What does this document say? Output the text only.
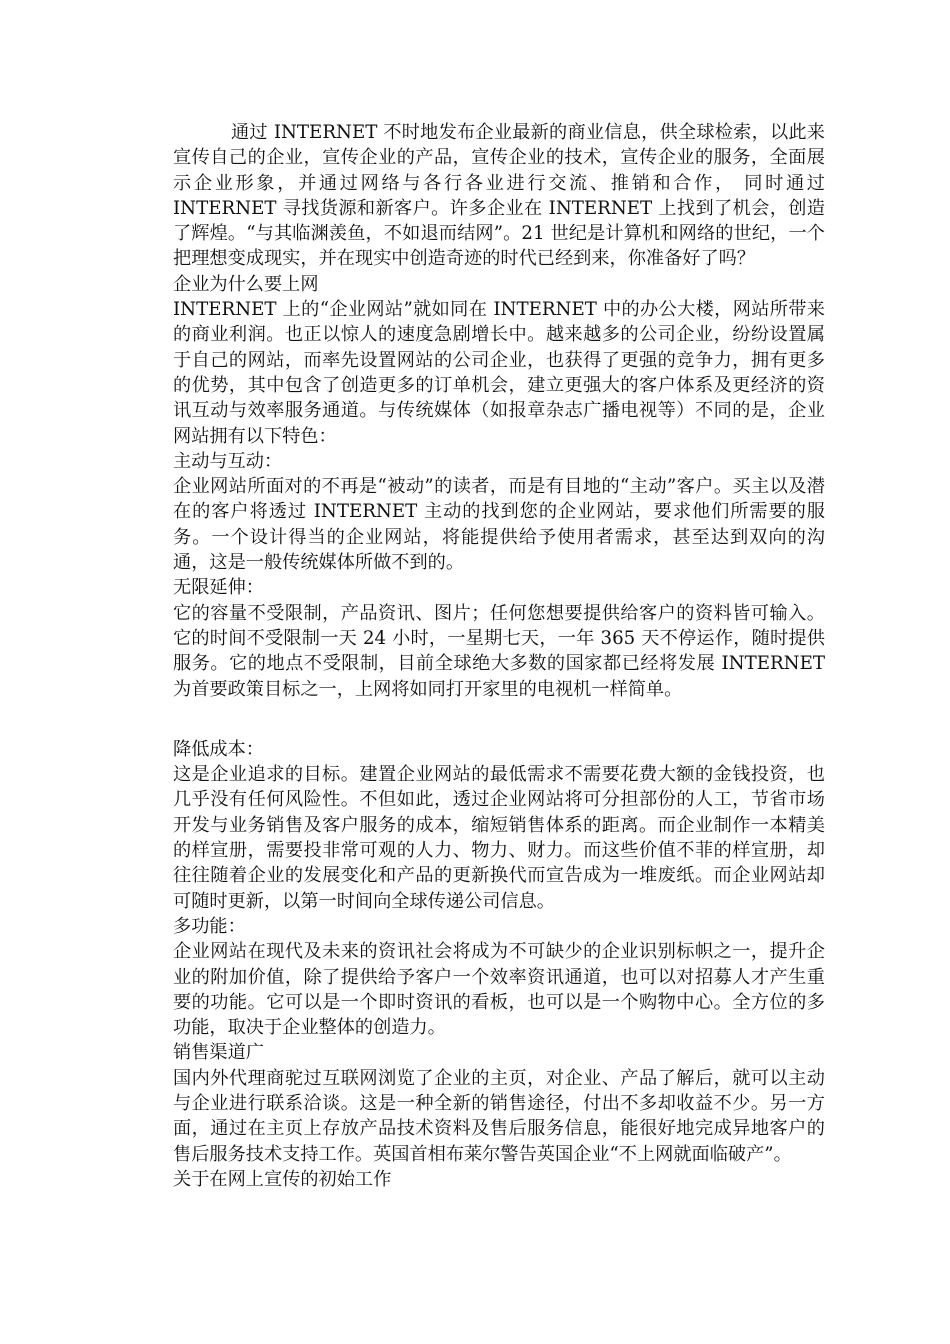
通过 INTERNET 不时地发布企业最新的商业信息，供全球检索，以此来宣传自己的企业，宣传企业的产品，宣传企业的技术，宣传企业的服务，全面展示企业形象，并通过网络与各行各业进行交流、推销和合作， 同时通过 INTERNET 寻找货源和新客户。许多企业在 INTERNET 上找到了机会，创造了辉煌。“与其临渊羡鱼，不如退而结网”。21 世纪是计算机和网络的世纪，一个把理想变成现实，并在现实中创造奇迹的时代已经到来，你准备好了吗？

企业为什么要上网

INTERNET 上的“企业网站”就如同在 INTERNET 中的办公大楼，网站所带来的商业利润。也正以惊人的速度急剧增长中。越来越多的公司企业，纷纷设置属于自己的网站，而率先设置网站的公司企业，也获得了更强的竞争力，拥有更多的优势，其中包含了创造更多的订单机会，建立更强大的客户体系及更经济的资讯互动与效率服务通道。与传统媒体（如报章杂志广播电视等）不同的是，企业网站拥有以下特色：

主动与互动：

企业网站所面对的不再是“被动”的读者，而是有目地的“主动”客户。买主以及潜在的客户将透过 INTERNET 主动的找到您的企业网站，要求他们所需要的服务。一个设计得当的企业网站，将能提供给予使用者需求，甚至达到双向的沟通，这是一般传统媒体所做不到的。

无限延伸：

它的容量不受限制，产品资讯、图片；任何您想要提供给客户的资料皆可输入。它的时间不受限制一天 24 小时，一星期七天，一年 365 天不停运作，随时提供服务。它的地点不受限制，目前全球绝大多数的国家都已经将发展 INTERNET 为首要政策目标之一，上网将如同打开家里的电视机一样简单。

降低成本：

这是企业追求的目标。建置企业网站的最低需求不需要花费大额的金钱投资，也几乎没有任何风险性。不但如此，透过企业网站将可分担部份的人工，节省市场开发与业务销售及客户服务的成本，缩短销售体系的距离。而企业制作一本精美的样宣册，需要投非常可观的人力、物力、财力。而这些价值不菲的样宣册，却往往随着企业的发展变化和产品的更新换代而宣告成为一堆废纸。而企业网站却可随时更新，以第一时间向全球传递公司信息。

多功能：

企业网站在现代及未来的资讯社会将成为不可缺少的企业识别标帜之一，提升企业的附加价值，除了提供给予客户一个效率资讯通道，也可以对招募人才产生重要的功能。它可以是一个即时资讯的看板，也可以是一个购物中心。全方位的多功能，取决于企业整体的创造力。

销售渠道广

国内外代理商驼过互联网浏览了企业的主页，对企业、产品了解后，就可以主动与企业进行联系洽谈。这是一种全新的销售途径，付出不多却收益不少。另一方面，通过在主页上存放产品技术资料及售后服务信息，能很好地完成异地客户的售后服务技术支持工作。英国首相布莱尔警告英国企业“不上网就面临破产”。

关于在网上宣传的初始工作
